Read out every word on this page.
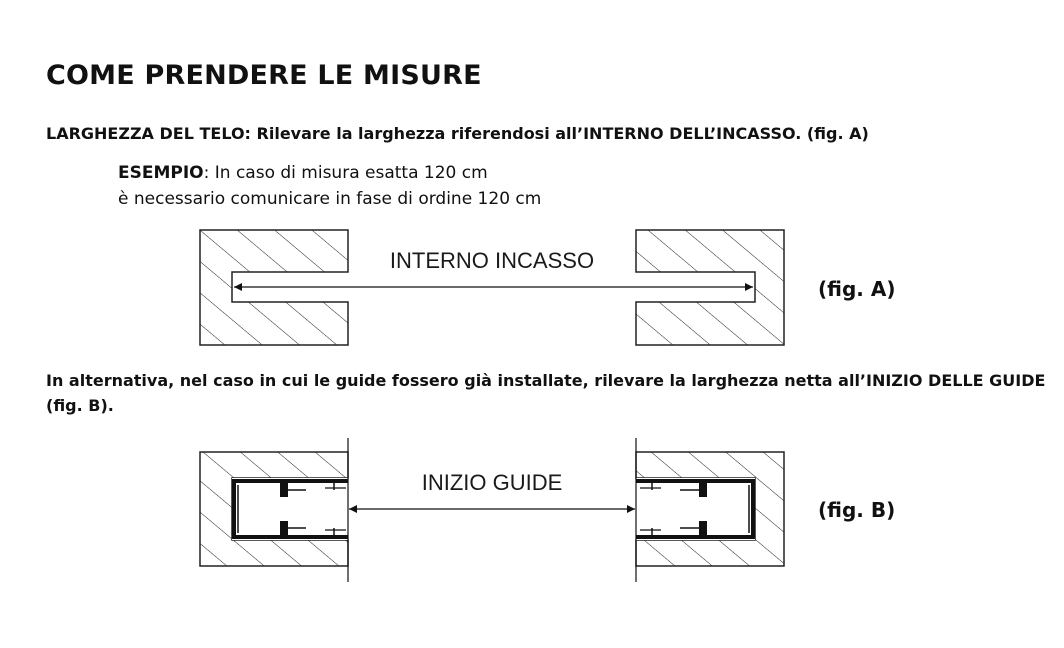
COME PRENDERE LE MISURE
LARGHEZZA DEL TELO: Rilevare la larghezza riferendosi all’INTERNO DELL’INCASSO. (fig. A)
ESEMPIO: In caso di misura esatta 120 cm
è necessario comunicare in fase di ordine 120 cm
In alternativa, nel caso in cui le guide fossero già installate, rilevare la larghezza netta all’INIZIO DELLE GUIDE (fig. B).
INTERNO INCASSO
INIZIO GUIDE
(fig. A)
(fig. B)
